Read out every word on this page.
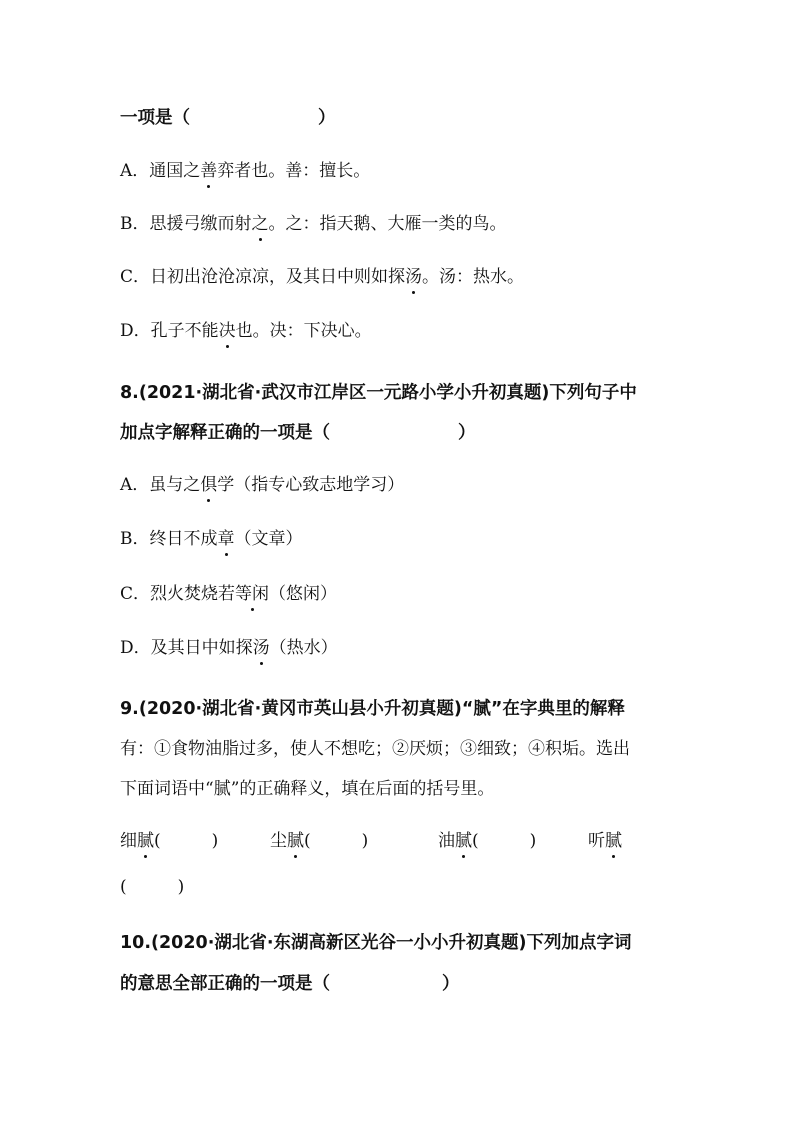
一项是（	）
A．通国之善弈者也。善：擅长。
B．思援弓缴而射之。之：指天鹅、大雁一类的鸟。
C．日初出沧沧凉凉，及其日中则如探汤。汤：热水。
D．孔子不能决也。决：下决心。
8.(2021·湖北省·武汉市江岸区一元路小学小升初真题)下列句子中
加点字解释正确的一项是（	）
A．虽与之俱学（指专心致志地学习）
B．终日不成章（文章）
C．烈火焚烧若等闲（悠闲）
D．及其日中如探汤（热水）
9.(2020·湖北省·黄冈市英山县小升初真题)“腻”在字典里的解释
有：①食物油脂过多，使人不想吃；②厌烦；③细致；④积垢。选出
下面词语中“腻”的正确释义，填在后面的括号里。
细腻(　　　)	尘腻(　　　)	油腻(　　　)	听腻
(　　　)
10.(2020·湖北省·东湖高新区光谷一小小升初真题)下列加点字词
的意思全部正确的一项是（	）
